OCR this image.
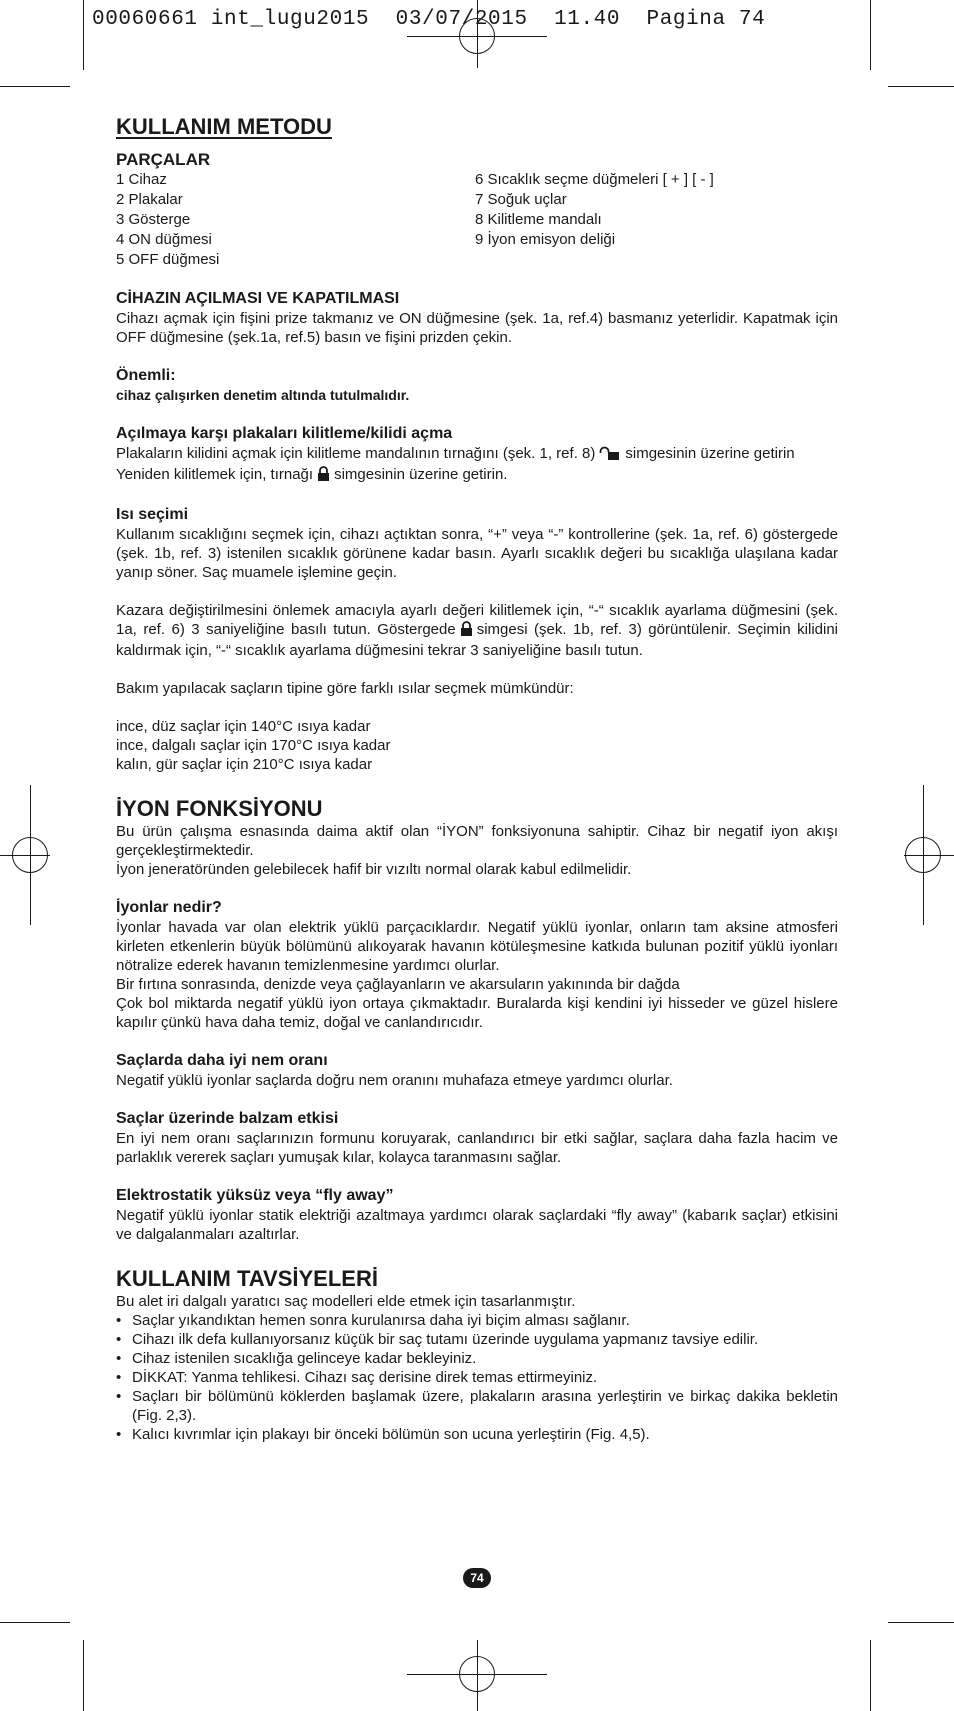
00060661 int_lugu2015  03/07/2015  11.40  Pagina 74
KULLANIM METODU
PARÇALAR
1 Cihaz
2 Plakalar
3 Gösterge
4 ON düğmesi
5 OFF düğmesi
6 Sıcaklık seçme düğmeleri [ + ] [ - ]
7 Soğuk uçlar
8 Kilitleme mandalı
9 İyon emisyon deliği
CİHAZIN AÇILMASI VE KAPATILMASI
Cihazı açmak için fişini prize takmanız ve ON düğmesine (şek. 1a, ref.4) basmanız yeterlidir. Kapatmak için OFF düğmesine (şek.1a, ref.5) basın ve fişini prizden çekin.
Önemli:
cihaz çalışırken denetim altında tutulmalıdır.
Açılmaya karşı plakaları kilitleme/kilidi açma
Plakaların kilidini açmak için kilitleme mandalının tırnağını (şek. 1, ref. 8) simgesinin üzerine getirin
Yeniden kilitlemek için, tırnağı simgesinin üzerine getirin.
Isı seçimi
Kullanım sıcaklığını seçmek için, cihazı açtıktan sonra, “+” veya “-” kontrollerine (şek. 1a, ref. 6) göstergede (şek. 1b, ref. 3) istenilen sıcaklık görünene kadar basın. Ayarlı sıcaklık değeri bu sıcaklığa ulaşılana kadar yanıp söner. Saç muamele işlemine geçin.
Kazara değiştirilmesini önlemek amacıyla ayarlı değeri kilitlemek için, “-“ sıcaklık ayarlama düğmesini (şek. 1a, ref. 6) 3 saniyeliğine basılı tutun. Göstergede simgesi (şek. 1b, ref. 3) görüntülenir. Seçimin kilidini kaldırmak için, “-“ sıcaklık ayarlama düğmesini tekrar 3 saniyeliğine basılı tutun.
Bakım yapılacak saçların tipine göre farklı ısılar seçmek mümkündür:
ince, düz saçlar için 140°C ısıya kadar
ince, dalgalı saçlar için 170°C ısıya kadar
kalın, gür saçlar için 210°C ısıya kadar
İYON FONKSİYONU
Bu ürün çalışma esnasında daima aktif olan “İYON” fonksiyonuna sahiptir. Cihaz bir negatif iyon akışı gerçekleştirmektedir.
İyon jeneratöründen gelebilecek hafif bir vızıltı normal olarak kabul edilmelidir.
İyonlar nedir?
İyonlar havada var olan elektrik yüklü parçacıklardır. Negatif yüklü iyonlar, onların tam aksine atmosferi kirleten etkenlerin büyük bölümünü alıkoyarak havanın kötüleşmesine katkıda bulunan pozitif yüklü iyonları nötralize ederek havanın temizlenmesine yardımcı olurlar.
Bir fırtına sonrasında, denizde veya çağlayanların ve akarsuların yakınında bir dağda
Çok bol miktarda negatif yüklü iyon ortaya çıkmaktadır. Buralarda kişi kendini iyi hisseder ve güzel hislere kapılır çünkü hava daha temiz, doğal ve canlandırıcıdır.
Saçlarda daha iyi nem oranı
Negatif yüklü iyonlar saçlarda doğru nem oranını muhafaza etmeye yardımcı olurlar.
Saçlar üzerinde balzam etkisi
En iyi nem oranı saçlarınızın formunu koruyarak, canlandırıcı bir etki sağlar, saçlara daha fazla hacim ve parlaklık vererek saçları yumuşak kılar, kolayca taranmasını sağlar.
Elektrostatik yüksüz veya “fly away”
Negatif yüklü iyonlar statik elektriği azaltmaya yardımcı olarak saçlardaki “fly away” (kabarık saçlar) etkisini ve dalgalanmaları azaltırlar.
KULLANIM TAVSİYELERİ
Bu alet iri dalgalı yaratıcı saç modelleri elde etmek için tasarlanmıştır.
• Saçlar yıkandıktan hemen sonra kurulanırsa daha iyi biçim alması sağlanır.
• Cihazı ilk defa kullanıyorsanız küçük bir saç tutamı üzerinde uygulama yapmanız tavsiye edilir.
• Cihaz istenilen sıcaklığa gelinceye kadar bekleyiniz.
• DİKKAT: Yanma tehlikesi. Cihazı saç derisine direk temas ettirmeyiniz.
• Saçları bir bölümünü köklerden başlamak üzere, plakaların arasına yerleştirin ve birkaç dakika bekletin (Fig. 2,3).
• Kalıcı kıvrımlar için plakayı bir önceki bölümün son ucuna yerleştirin (Fig. 4,5).
74
